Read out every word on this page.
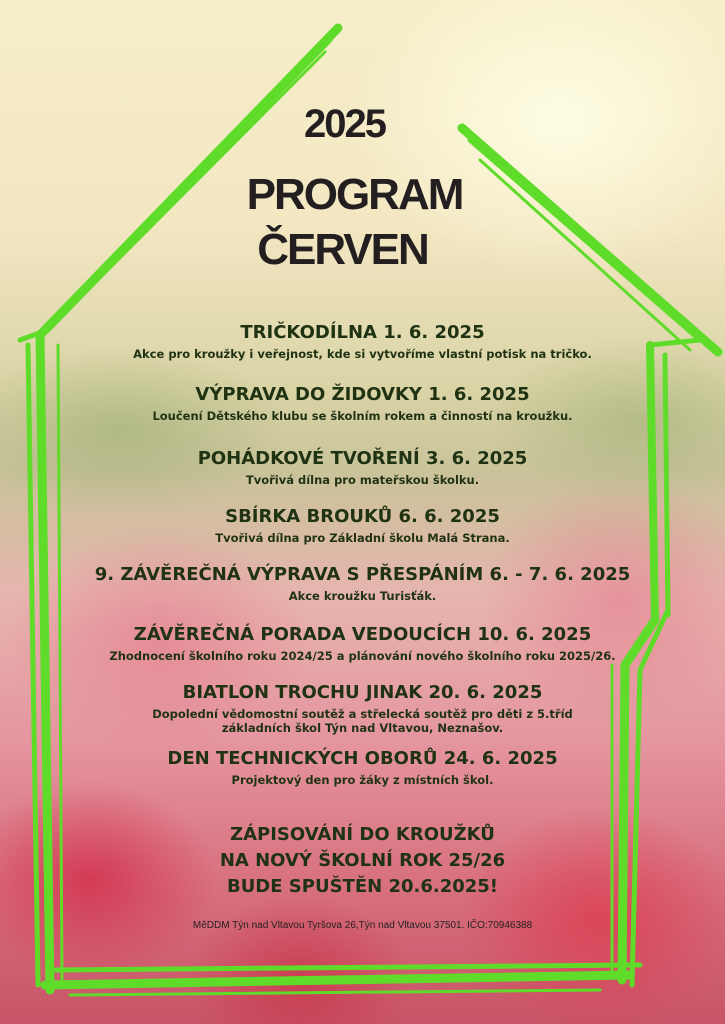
2025
PROGRAM
ČERVEN
TRIČKODÍLNA 1. 6. 2025
Akce pro kroužky i veřejnost, kde si vytvoříme vlastní potisk na tričko.
VÝPRAVA DO ŽIDOVKY 1. 6. 2025
Loučení Dětského klubu se školním rokem a činností na kroužku.
POHÁDKOVÉ TVOŘENÍ 3. 6. 2025
Tvořivá dílna pro mateřskou školku.
SBÍRKA BROUKŮ 6. 6. 2025
Tvořivá dílna pro Základní školu Malá Strana.
9. ZÁVĚREČNÁ VÝPRAVA S PŘESPÁNÍM 6. - 7. 6. 2025
Akce kroužku Turisťák.
ZÁVĚREČNÁ PORADA VEDOUCÍCH 10. 6. 2025
Zhodnocení školního roku 2024/25 a plánování nového školního roku 2025/26.
BIATLON TROCHU JINAK 20. 6. 2025
Dopolední vědomostní soutěž a střelecká soutěž pro děti z 5.tříd
základních škol Týn nad Vltavou, Neznašov.
DEN TECHNICKÝCH OBORŮ 24. 6. 2025
Projektový den pro žáky z místních škol.
ZÁPISOVÁNÍ DO KROUŽKŮ
NA NOVÝ ŠKOLNÍ ROK 25/26
BUDE SPUŠTĚN 20.6.2025!
MěDDM Týn nad Vltavou Tyršova 26,Týn nad Vltavou 37501. IČO:70946388
